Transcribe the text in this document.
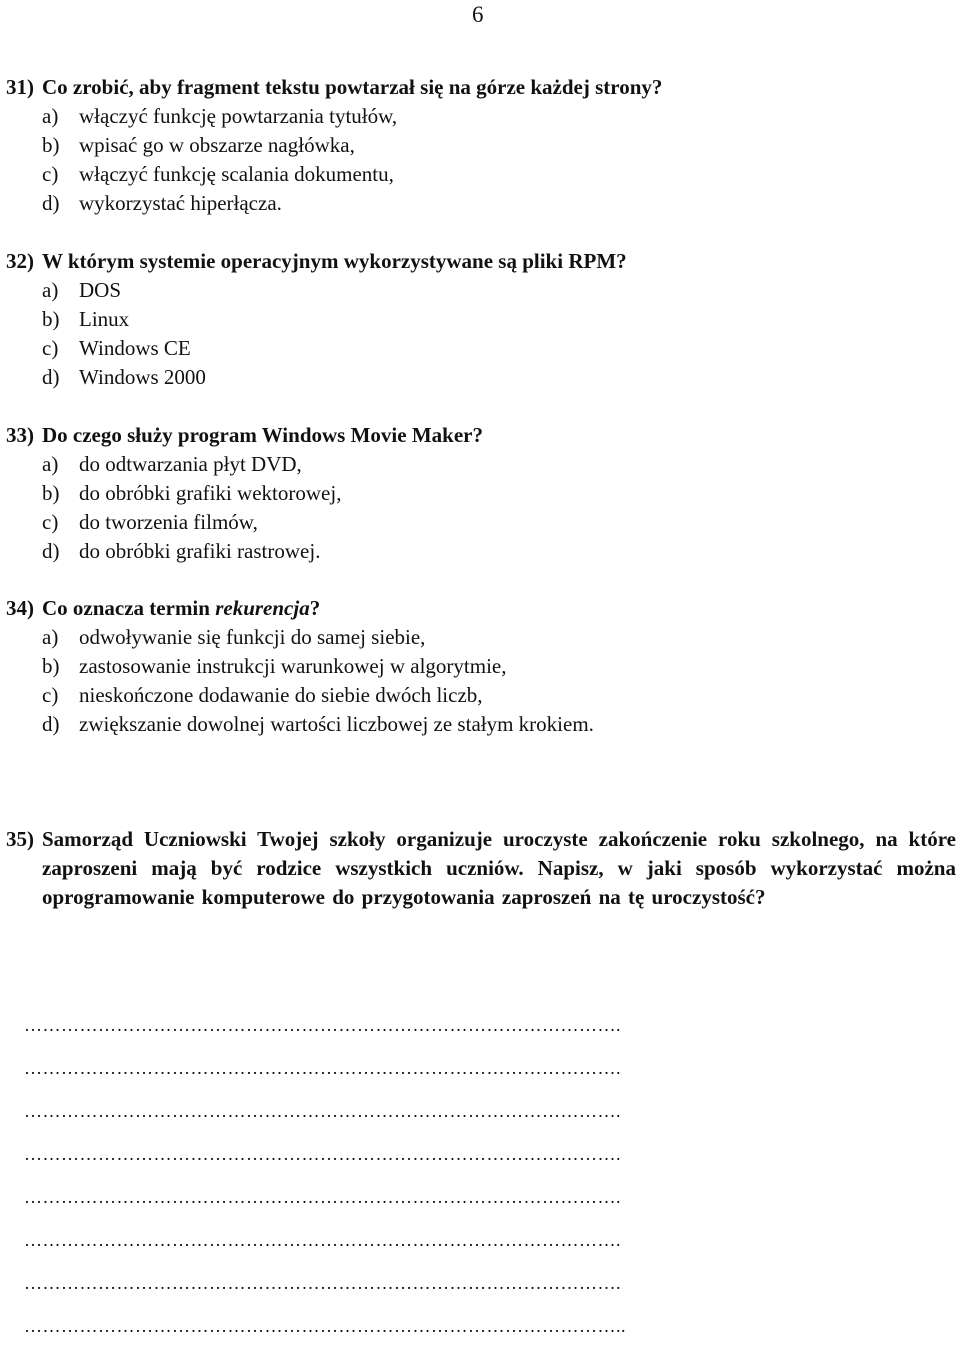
6
31) Co zrobić, aby fragment tekstu powtarzał się na górze każdej strony?
a) włączyć funkcję powtarzania tytułów,
b) wpisać go w obszarze nagłówka,
c) włączyć funkcję scalania dokumentu,
d) wykorzystać hiperłącza.
32) W którym systemie operacyjnym wykorzystywane są pliki RPM?
a) DOS
b) Linux
c) Windows CE
d) Windows 2000
33) Do czego służy program Windows Movie Maker?
a) do odtwarzania płyt DVD,
b) do obróbki grafiki wektorowej,
c) do tworzenia filmów,
d) do obróbki grafiki rastrowej.
34) Co oznacza termin rekurencja?
a) odwoływanie się funkcji do samej siebie,
b) zastosowanie instrukcji warunkowej w algorytmie,
c) nieskończone dodawanie do siebie dwóch liczb,
d) zwiększanie dowolnej wartości liczbowej ze stałym krokiem.
35) Samorząd Uczniowski Twojej szkoły organizuje uroczyste zakończenie roku szkolnego, na które zaproszeni mają być rodzice wszystkich uczniów. Napisz, w jaki sposób wykorzystać można oprogramowanie komputerowe do przygotowania zaproszeń na tę uroczystość?
…………………………………………………………………………………….
…………………………………………………………………………………….
…………………………………………………………………………………….
…………………………………………………………………………………….
…………………………………………………………………………………….
…………………………………………………………………………………….
…………………………………………………………………………………….
……………………………………………………………………………………..
